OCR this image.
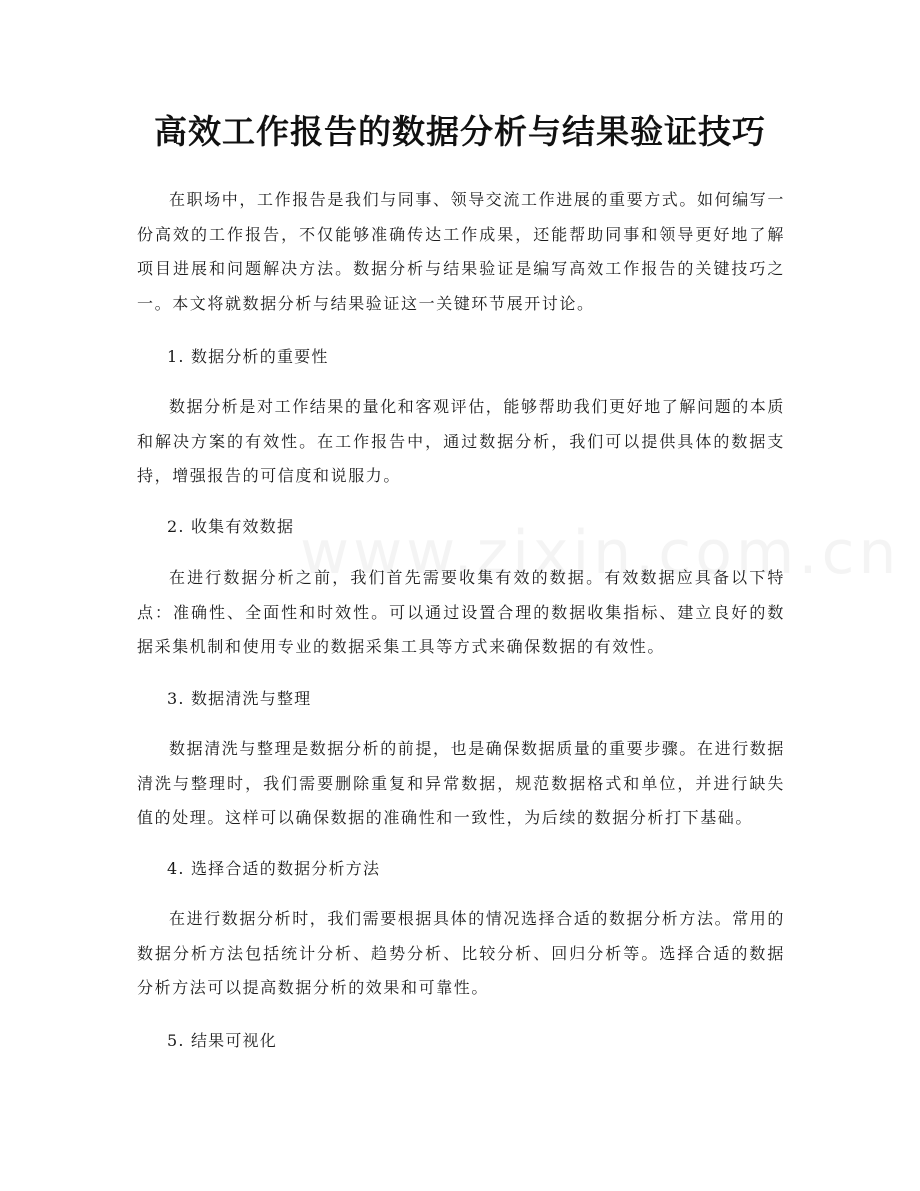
高效工作报告的数据分析与结果验证技巧

在职场中，工作报告是我们与同事、领导交流工作进展的重要方式。如何编写一份高效的工作报告，不仅能够准确传达工作成果，还能帮助同事和领导更好地了解项目进展和问题解决方法。数据分析与结果验证是编写高效工作报告的关键技巧之一。本文将就数据分析与结果验证这一关键环节展开讨论。

1. 数据分析的重要性

数据分析是对工作结果的量化和客观评估，能够帮助我们更好地了解问题的本质和解决方案的有效性。在工作报告中，通过数据分析，我们可以提供具体的数据支持，增强报告的可信度和说服力。

2. 收集有效数据

在进行数据分析之前，我们首先需要收集有效的数据。有效数据应具备以下特点：准确性、全面性和时效性。可以通过设置合理的数据收集指标、建立良好的数据采集机制和使用专业的数据采集工具等方式来确保数据的有效性。

3. 数据清洗与整理

数据清洗与整理是数据分析的前提，也是确保数据质量的重要步骤。在进行数据清洗与整理时，我们需要删除重复和异常数据，规范数据格式和单位，并进行缺失值的处理。这样可以确保数据的准确性和一致性，为后续的数据分析打下基础。

4. 选择合适的数据分析方法

在进行数据分析时，我们需要根据具体的情况选择合适的数据分析方法。常用的数据分析方法包括统计分析、趋势分析、比较分析、回归分析等。选择合适的数据分析方法可以提高数据分析的效果和可靠性。

5. 结果可视化
